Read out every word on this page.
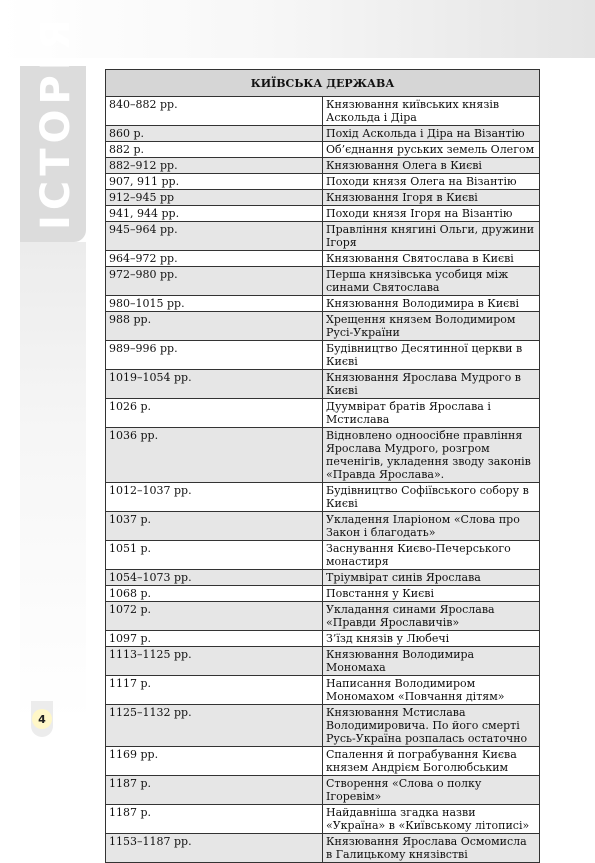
ІСТОРІЯ	КИЇВСЬКА ДЕРЖАВА	
840–882 рр.	Князювання київських князів Аскольда і Діра
860 р.	Похід Аскольда і Діра на Візантію
882 р.	Об’єднання руських земель Олегом
882–912 рр.	Князювання Олега в Києві
907, 911 рр.	Походи князя Олега на Візантію
912–945 рр	Князювання Ігоря в Києві
941, 944 рр.	Походи князя Ігоря на Візантію
945–964 рр.	Правління княгині Ольги, дружини Ігоря
964–972 рр.	Князювання Святослава в Києві
972–980 рр.	Перша князівська усобиця між синами Святослава
980–1015 рр.	Князювання Володимира в Києві
988 рр.	Хрещення князем Володимиром Русі-України
989–996 рр.	Будівництво Десятинної церкви в Києві
1019–1054 рр.	Князювання Ярослава Мудрого в Києві
1026 р.	Дуумвірат братів Ярослава і Мстислава
1036 рр.	Відновлено одноосібне правління Ярослава Мудрого, розгром печенігів, укладення зводу законів «Правда Ярослава».
1012–1037 рр.	Будівництво Софіївського собору в Києві
1037 р.	Укладення Іларіоном «Слова про Закон і благодать»
1051 р.	Заснування Києво-Печерського монастиря
1054–1073 рр.	Тріумвірат синів Ярослава
1068 р.	Повстання у Києві
1072 р.	Укладання синами Ярослава «Правди Ярославичів»
1097 р.	З’їзд князів у Любечі
1113–1125 рр.	Князювання Володимира Мономаха
1117 р.	Написання Володимиром Мономахом «Повчання дітям»
1125–1132 рр.	Князювання Мстислава Володимировича. По його смерті Русь-Україна розпалась остаточно
1169 рр.	Спалення й пограбування Києва князем Андрієм Боголюбським
1187 р.	Створення «Слова о полку Ігоревім»
1187 р.	Найдавніша згадка назви «Україна» в «Київському літописі»
1153–1187 рр.	Князювання Ярослава Осмомисла в Галицькому князівстві
4
